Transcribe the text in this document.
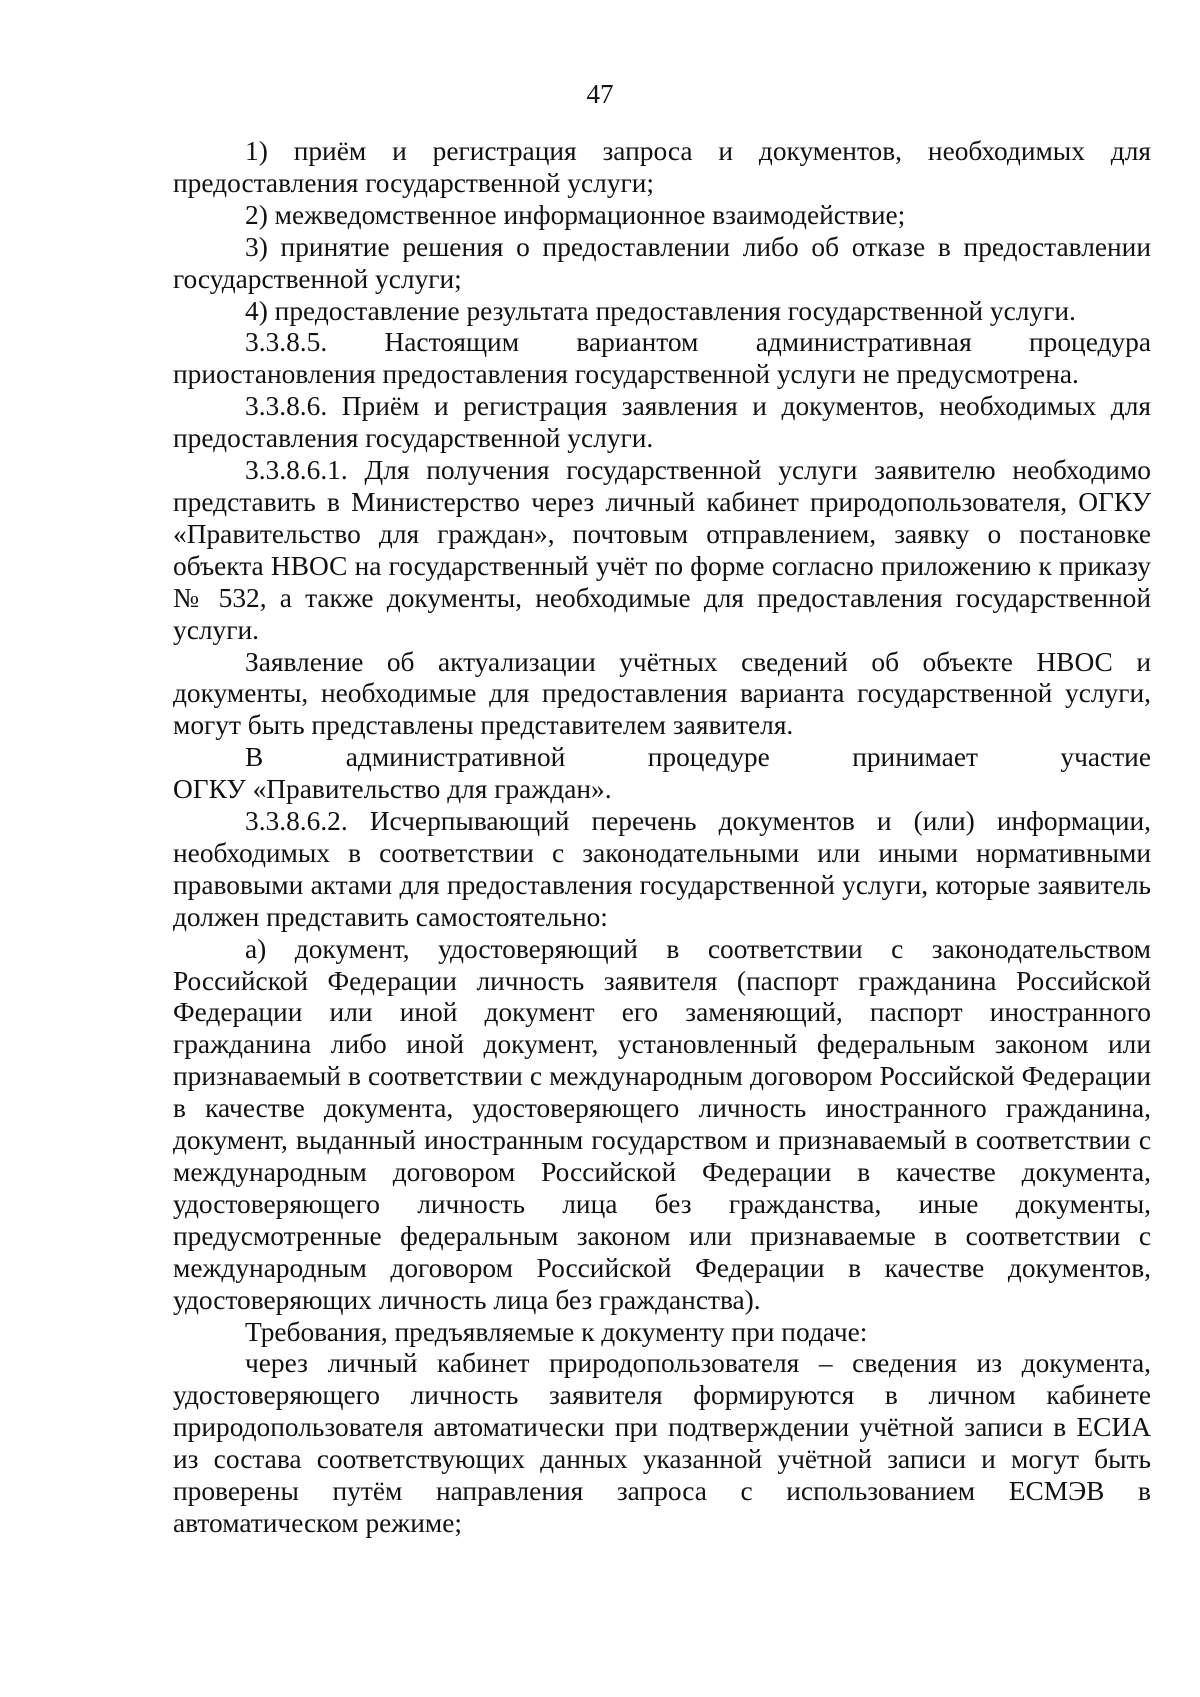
47

1) приём и регистрация запроса и документов, необходимых для предоставления государственной услуги;

2) межведомственное информационное взаимодействие;

3) принятие решения о предоставлении либо об отказе в предоставлении государственной услуги;

4) предоставление результата предоставления государственной услуги.

3.3.8.5. Настоящим вариантом административная процедура приостановления предоставления государственной услуги не предусмотрена.

3.3.8.6. Приём и регистрация заявления и документов, необходимых для предоставления государственной услуги.

3.3.8.6.1. Для получения государственной услуги заявителю необходимо представить в Министерство через личный кабинет природопользователя, ОГКУ «Правительство для граждан», почтовым отправлением, заявку о постановке объекта НВОС на государственный учёт по форме согласно приложению к приказу № 532, а также документы, необходимые для предоставления государственной услуги.

Заявление об актуализации учётных сведений об объекте НВОС и документы, необходимые для предоставления варианта государственной услуги, могут быть представлены представителем заявителя.

В административной процедуре принимает участие
ОГКУ «Правительство для граждан».

3.3.8.6.2. Исчерпывающий перечень документов и (или) информации, необходимых в соответствии с законодательными или иными нормативными правовыми актами для предоставления государственной услуги, которые заявитель должен представить самостоятельно:

а) документ, удостоверяющий в соответствии с законодательством Российской Федерации личность заявителя (паспорт гражданина Российской Федерации или иной документ его заменяющий, паспорт иностранного гражданина либо иной документ, установленный федеральным законом или признаваемый в соответствии с международным договором Российской Федерации в качестве документа, удостоверяющего личность иностранного гражданина, документ, выданный иностранным государством и признаваемый в соответствии с международным договором Российской Федерации в качестве документа, удостоверяющего личность лица без гражданства, иные документы, предусмотренные федеральным законом или признаваемые в соответствии с международным договором Российской Федерации в качестве документов, удостоверяющих личность лица без гражданства).

Требования, предъявляемые к документу при подаче:

через личный кабинет природопользователя – сведения из документа, удостоверяющего личность заявителя формируются в личном кабинете природопользователя автоматически при подтверждении учётной записи в ЕСИА из состава соответствующих данных указанной учётной записи и могут быть проверены путём направления запроса с использованием ЕСМЭВ в автоматическом режиме;
